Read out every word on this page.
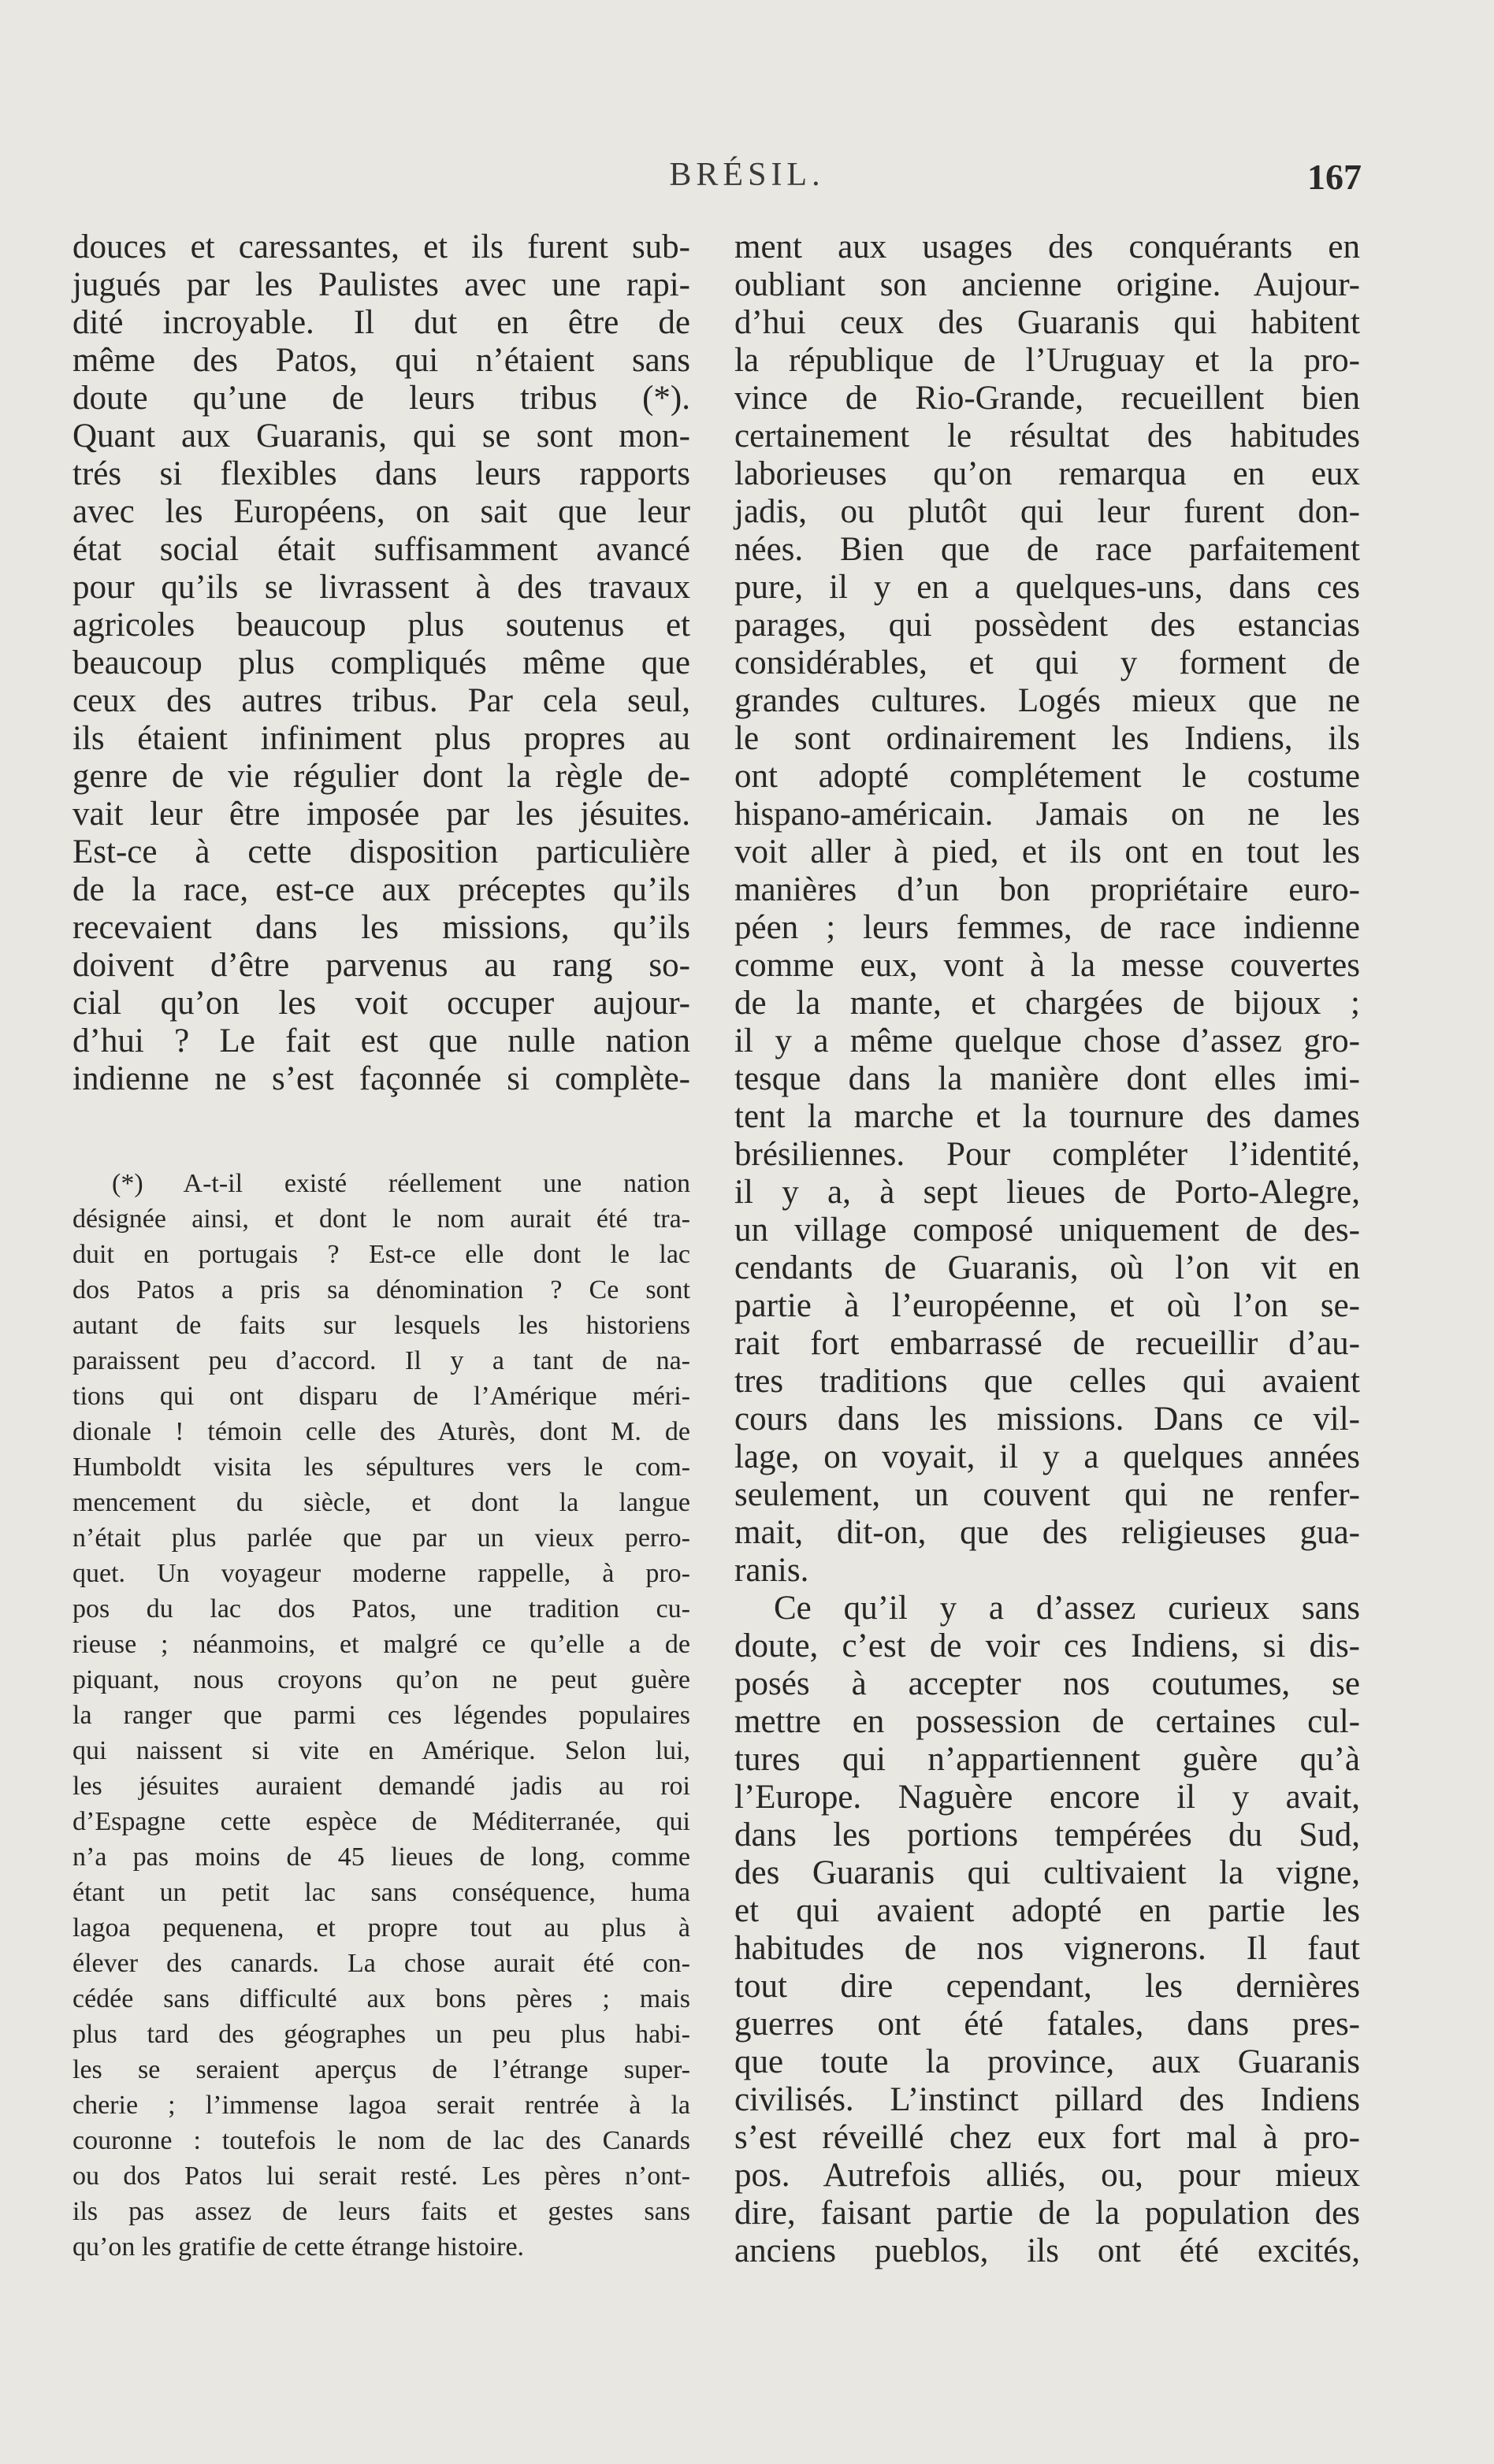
BRÉSIL.	167
douces et caressantes, et ils furent sub-
jugués par les Paulistes avec une rapi-
dité incroyable. Il dut en être de
même des Patos, qui n’étaient sans
doute qu’une de leurs tribus (*).
Quant aux Guaranis, qui se sont mon-
trés si flexibles dans leurs rapports
avec les Européens, on sait que leur
état social était suffisamment avancé
pour qu’ils se livrassent à des travaux
agricoles beaucoup plus soutenus et
beaucoup plus compliqués même que
ceux des autres tribus. Par cela seul,
ils étaient infiniment plus propres au
genre de vie régulier dont la règle de-
vait leur être imposée par les jésuites.
Est-ce à cette disposition particulière
de la race, est-ce aux préceptes qu’ils
recevaient dans les missions, qu’ils
doivent d’être parvenus au rang so-
cial qu’on les voit occuper aujour-
d’hui ? Le fait est que nulle nation
indienne ne s’est façonnée si complète-
(*) A-t-il existé réellement une nation
désignée ainsi, et dont le nom aurait été tra-
duit en portugais ? Est-ce elle dont le lac
dos Patos a pris sa dénomination ? Ce sont
autant de faits sur lesquels les historiens
paraissent peu d’accord. Il y a tant de na-
tions qui ont disparu de l’Amérique méri-
dionale ! témoin celle des Aturès, dont M. de
Humboldt visita les sépultures vers le com-
mencement du siècle, et dont la langue
n’était plus parlée que par un vieux perro-
quet. Un voyageur moderne rappelle, à pro-
pos du lac dos Patos, une tradition cu-
rieuse ; néanmoins, et malgré ce qu’elle a de
piquant, nous croyons qu’on ne peut guère
la ranger que parmi ces légendes populaires
qui naissent si vite en Amérique. Selon lui,
les jésuites auraient demandé jadis au roi
d’Espagne cette espèce de Méditerranée, qui
n’a pas moins de 45 lieues de long, comme
étant un petit lac sans conséquence, huma
lagoa pequenena, et propre tout au plus à
élever des canards. La chose aurait été con-
cédée sans difficulté aux bons pères ; mais
plus tard des géographes un peu plus habi-
les se seraient aperçus de l’étrange super-
cherie ; l’immense lagoa serait rentrée à la
couronne : toutefois le nom de lac des Canards
ou dos Patos lui serait resté. Les pères n’ont-
ils pas assez de leurs faits et gestes sans
qu’on les gratifie de cette étrange histoire.
ment aux usages des conquérants en
oubliant son ancienne origine. Aujour-
d’hui ceux des Guaranis qui habitent
la république de l’Uruguay et la pro-
vince de Rio-Grande, recueillent bien
certainement le résultat des habitudes
laborieuses qu’on remarqua en eux
jadis, ou plutôt qui leur furent don-
nées. Bien que de race parfaitement
pure, il y en a quelques-uns, dans ces
parages, qui possèdent des estancias
considérables, et qui y forment de
grandes cultures. Logés mieux que ne
le sont ordinairement les Indiens, ils
ont adopté complétement le costume
hispano-américain. Jamais on ne les
voit aller à pied, et ils ont en tout les
manières d’un bon propriétaire euro-
péen ; leurs femmes, de race indienne
comme eux, vont à la messe couvertes
de la mante, et chargées de bijoux ;
il y a même quelque chose d’assez gro-
tesque dans la manière dont elles imi-
tent la marche et la tournure des dames
brésiliennes. Pour compléter l’identité,
il y a, à sept lieues de Porto-Alegre,
un village composé uniquement de des-
cendants de Guaranis, où l’on vit en
partie à l’européenne, et où l’on se-
rait fort embarrassé de recueillir d’au-
tres traditions que celles qui avaient
cours dans les missions. Dans ce vil-
lage, on voyait, il y a quelques années
seulement, un couvent qui ne renfer-
mait, dit-on, que des religieuses gua-
ranis.
Ce qu’il y a d’assez curieux sans
doute, c’est de voir ces Indiens, si dis-
posés à accepter nos coutumes, se
mettre en possession de certaines cul-
tures qui n’appartiennent guère qu’à
l’Europe. Naguère encore il y avait,
dans les portions tempérées du Sud,
des Guaranis qui cultivaient la vigne,
et qui avaient adopté en partie les
habitudes de nos vignerons. Il faut
tout dire cependant, les dernières
guerres ont été fatales, dans pres-
que toute la province, aux Guaranis
civilisés. L’instinct pillard des Indiens
s’est réveillé chez eux fort mal à pro-
pos. Autrefois alliés, ou, pour mieux
dire, faisant partie de la population des
anciens pueblos, ils ont été excités,
